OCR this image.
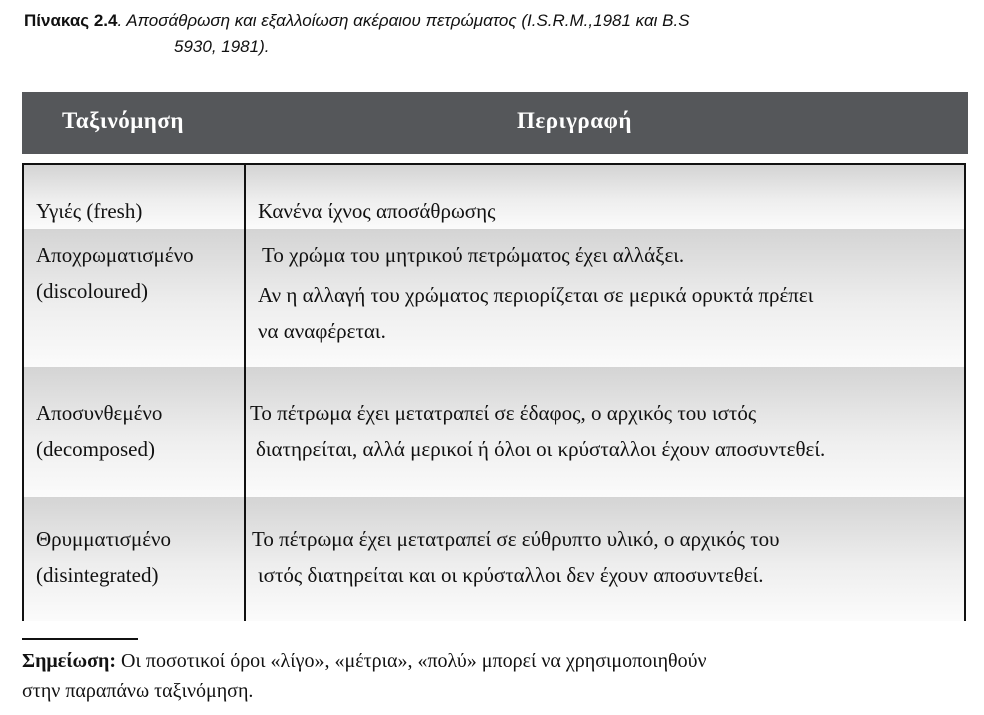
Πίνακας 2.4. Αποσάθρωση και εξαλλοίωση ακέραιου πετρώματος (I.S.R.M.,1981 και B.S
5930, 1981).
Ταξινόμηση	Περιγραφή
Υγιές (fresh)	Κανένα ίχνος αποσάθρωσης
Αποχρωματισμένο
(discoloured)
Το χρώμα του μητρικού πετρώματος έχει αλλάξει.
Αν η αλλαγή του χρώματος περιορίζεται σε μερικά ορυκτά πρέπει
να αναφέρεται.
Αποσυνθεμένο
(decomposed)
Το πέτρωμα έχει μετατραπεί σε έδαφος, ο αρχικός του ιστός
διατηρείται, αλλά μερικοί ή όλοι οι κρύσταλλοι έχουν αποσυντεθεί.
Θρυμματισμένο
(disintegrated)
Το πέτρωμα έχει μετατραπεί σε εύθρυπτο υλικό, ο αρχικός του
ιστός διατηρείται και οι κρύσταλλοι δεν έχουν αποσυντεθεί.
Σημείωση: Οι ποσοτικοί όροι «λίγο», «μέτρια», «πολύ» μπορεί να χρησιμοποιηθούν
στην παραπάνω ταξινόμηση.
